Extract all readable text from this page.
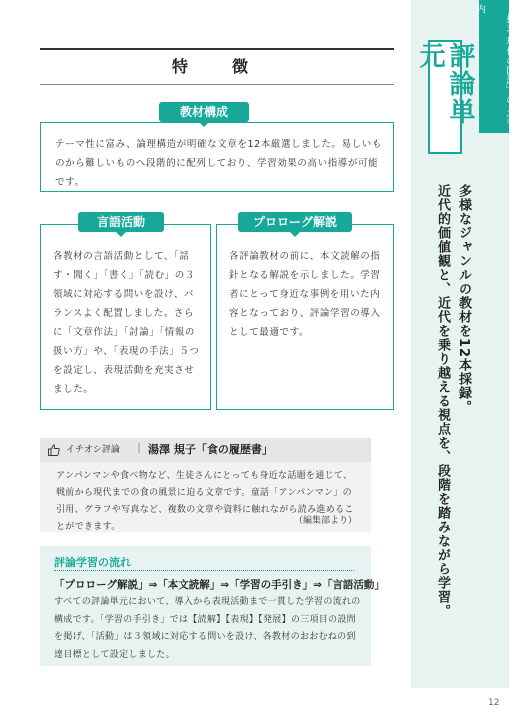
「探求 現代の国語」のご案内
評論単元
多様なジャンルの教材を12本採録。
近代的価値観と、近代を乗り越える視点を、段階を踏みながら学習。
特　徴
教材構成

テーマ性に富み、論理構造が明確な文章を12本厳選しました。易しいものから難しいものへ段階的に配列しており、学習効果の高い指導が可能です。

言語活動

各教材の言語活動として、「話す・聞く」「書く」「読む」の３領域に対応する問いを設け、バランスよく配置しました。さらに「文章作法」「討論」「情報の扱い方」や、「表現の手法」５つを設定し、表現活動を充実させました。

プロローグ解説

各評論教材の前に、本文読解の指針となる解説を示しました。学習者にとって身近な事例を用いた内容となっており、評論学習の導入として最適です。

イチオシ評論 ｜ 湯澤 規子「食の履歴書」

アンパンマンや食べ物など、生徒さんにとっても身近な話題を通じて、戦前から現代までの食の風景に迫る文章です。童話「アンパンマン」の引用、グラフや写真など、複数の文章や資料に触れながら読み進めることができます。

（編集部より）
評論学習の流れ
「プロローグ解説」⇒「本文読解」⇒「学習の手引き」⇒「言語活動」

すべての評論単元において、導入から表現活動まで一貫した学習の流れの構成です。「学習の手引き」では【読解】【表現】【発展】の三項目の設問を掲げ、「活動」は３領域に対応する問いを設け、各教材のおおむねの到達目標として設定しました。

12
